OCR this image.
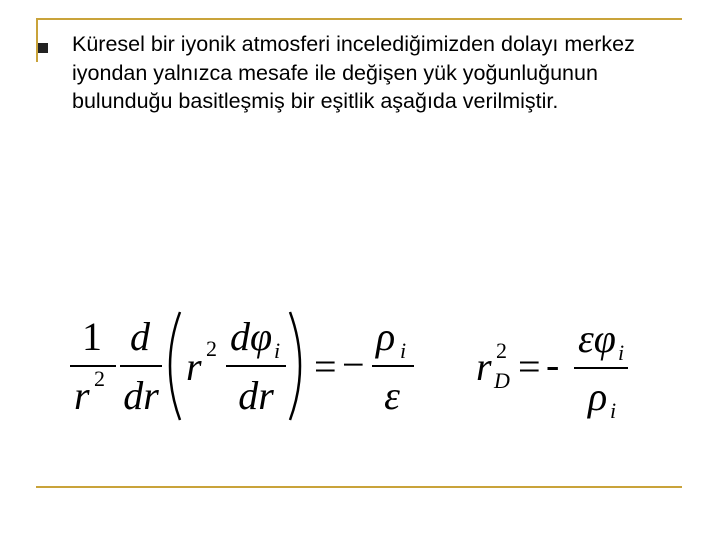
Küresel bir iyonik atmosferi incelediğimizden dolayı merkez iyondan yalnızca mesafe ile değişen yük yoğunluğunun bulunduğu basitleşmiş bir eşitlik aşağıda verilmiştir.
1
r 2
d
dr
r 2 dφ i
dr
= −
ρ i
ε
r 2
D = -
εφ i
ρ i
